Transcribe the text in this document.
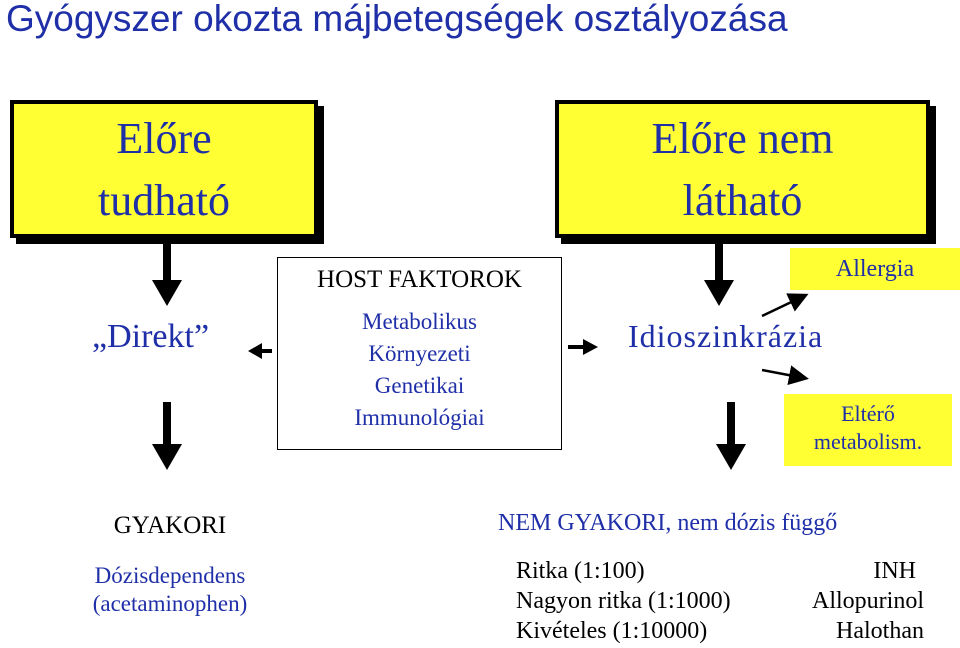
Gyógyszer okozta májbetegségek osztályozása
Előre
tudható
Előre nem
látható
„Direkt”
HOST FAKTOROK
Metabolikus
Környezeti
Genetikai
Immunológiai
Idioszinkrázia
Allergia
Eltérő
metabolism.
GYAKORI
Dózisdependens
(acetaminophen)
NEM GYAKORI, nem dózis függő
Ritka (1:100)	INH
Nagyon ritka (1:1000)	Allopurinol
Kivételes (1:10000)	Halothan
